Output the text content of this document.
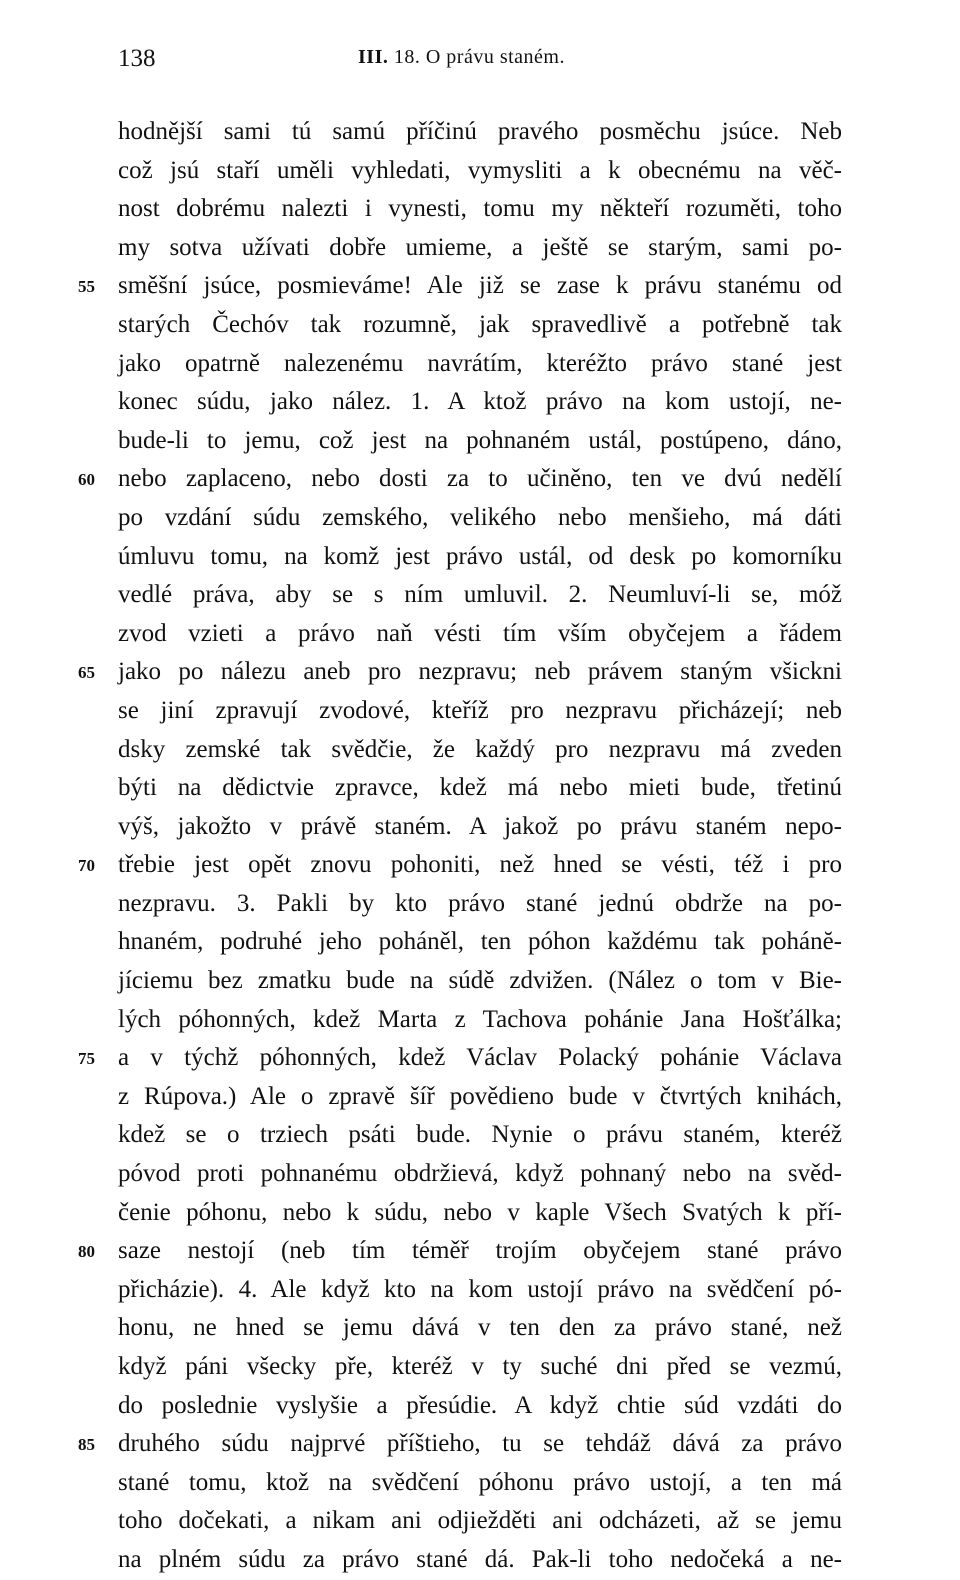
138	III. 18. O právu staném.
hodnější sami tú samú příčinú pravého posměchu jsúce. Neb
což jsú staří uměli vyhledati, vymysliti a k obecnému na věč-
nost dobrému nalezti i vynesti, tomu my někteří rozuměti, toho
my sotva užívati dobře umieme, a ještě se starým, sami po-
55 směšní jsúce, posmieváme! Ale již se zase k právu stanému od
starých Čechóv tak rozumně, jak spravedlivě a potřebně tak
jako opatrně nalezenému navrátím, kteréžto právo stané jest
konec súdu, jako nález. 1. A ktož právo na kom ustojí, ne-
bude-li to jemu, což jest na pohnaném ustál, postúpeno, dáno,
60 nebo zaplaceno, nebo dosti za to učiněno, ten ve dvú nedělí
po vzdání súdu zemského, velikého nebo menšieho, má dáti
úmluvu tomu, na komž jest právo ustál, od desk po komorníku
vedlé práva, aby se s ním umluvil. 2. Neumluví-li se, móž
zvod vzieti a právo naň vésti tím vším obyčejem a řádem
65 jako po nálezu aneb pro nezpravu; neb právem staným všickni
se jiní zpravují zvodové, kteříž pro nezpravu přicházejí; neb
dsky zemské tak svědčie, že každý pro nezpravu má zveden
býti na dědictvie zpravce, kdež má nebo mieti bude, třetinú
výš, jakožto v právě staném. A jakož po právu staném nepo-
70 třebie jest opět znovu pohoniti, než hned se vésti, též i pro
nezpravu. 3. Pakli by kto právo stané jednú obdrže na po-
hnaném, podruhé jeho poháněl, ten póhon každému tak pohánĕ-
jíciemu bez zmatku bude na súdě zdvižen. (Nález o tom v Bie-
lých póhonných, kdež Marta z Tachova pohánie Jana Hošťálka;
75 a v týchž póhonných, kdež Václav Polacký pohánie Václava
z Rúpova.) Ale o zpravě šíř povědieno bude v čtvrtých knihách,
kdež se o trziech psáti bude. Nynie o právu staném, kteréž
póvod proti pohnanému obdržievá, když pohnaný nebo na svěd-
čenie póhonu, nebo k súdu, nebo v kaple Všech Svatých k pří-
80 saze nestojí (neb tím téměř trojím obyčejem stané právo
přicházie). 4. Ale když kto na kom ustojí právo na svědčení pó-
honu, ne hned se jemu dává v ten den za právo stané, než
když páni všecky pře, kteréž v ty suché dni před se vezmú,
do poslednie vyslyšie a přesúdie. A když chtie súd vzdáti do
85 druhého súdu najprvé příštieho, tu se tehdáž dává za právo
stané tomu, ktož na svědčení póhonu právo ustojí, a ten má
toho dočekati, a nikam ani odjiežděti ani odcházeti, až se jemu
na plném súdu za právo stané dá. Pak-li toho nedočeká a ne-
